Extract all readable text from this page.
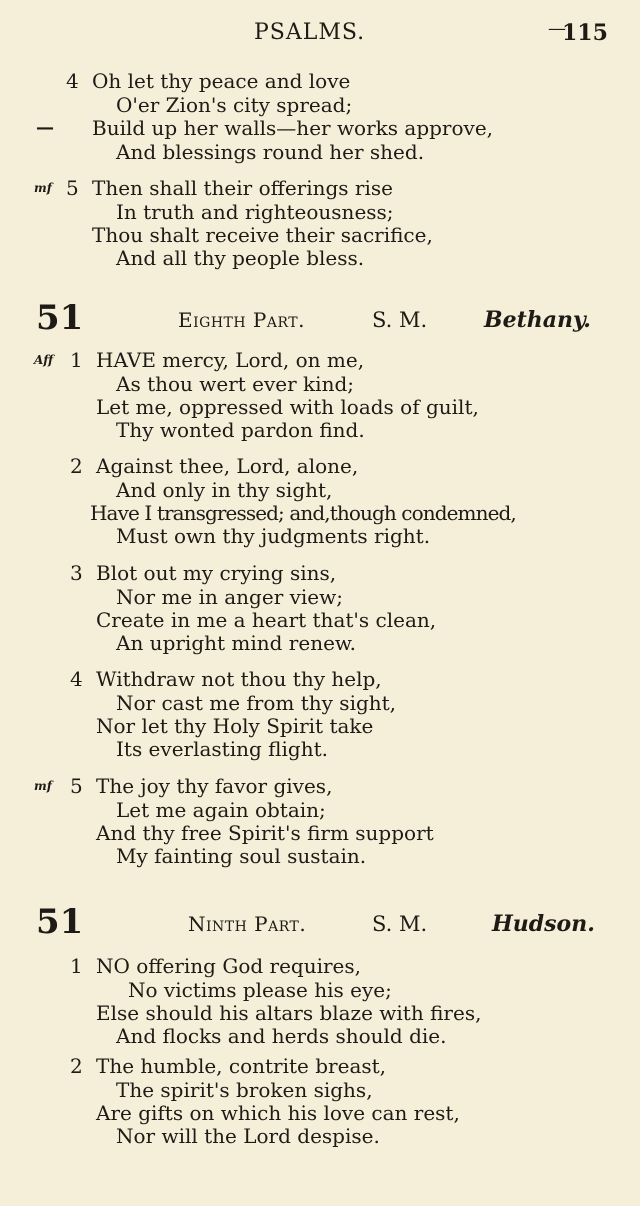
PSALMS.	—
115
4 Oh let thy peace and love
O'er Zion's city spread;
— Build up her walls—her works approve,
And blessings round her shed.
mf 5 Then shall their offerings rise
In truth and righteousness;
Thou shalt receive their sacrifice,
And all thy people bless.
51	Eighth Part.	S. M.	Bethany.
Aff 1 HAVE mercy, Lord, on me,
As thou wert ever kind;
Let me, oppressed with loads of guilt,
Thy wonted pardon find.
2 Against thee, Lord, alone,
And only in thy sight,
Have I transgressed; and,though condemned,
Must own thy judgments right.
3 Blot out my crying sins,
Nor me in anger view;
Create in me a heart that's clean,
An upright mind renew.
4 Withdraw not thou thy help,
Nor cast me from thy sight,
Nor let thy Holy Spirit take
Its everlasting flight.
mf 5 The joy thy favor gives,
Let me again obtain;
And thy free Spirit's firm support
My fainting soul sustain.
51	Ninth Part.	S. M.	Hudson.
1 NO offering God requires,
No victims please his eye;
Else should his altars blaze with fires,
And flocks and herds should die.
2 The humble, contrite breast,
The spirit's broken sighs,
Are gifts on which his love can rest,
Nor will the Lord despise.
